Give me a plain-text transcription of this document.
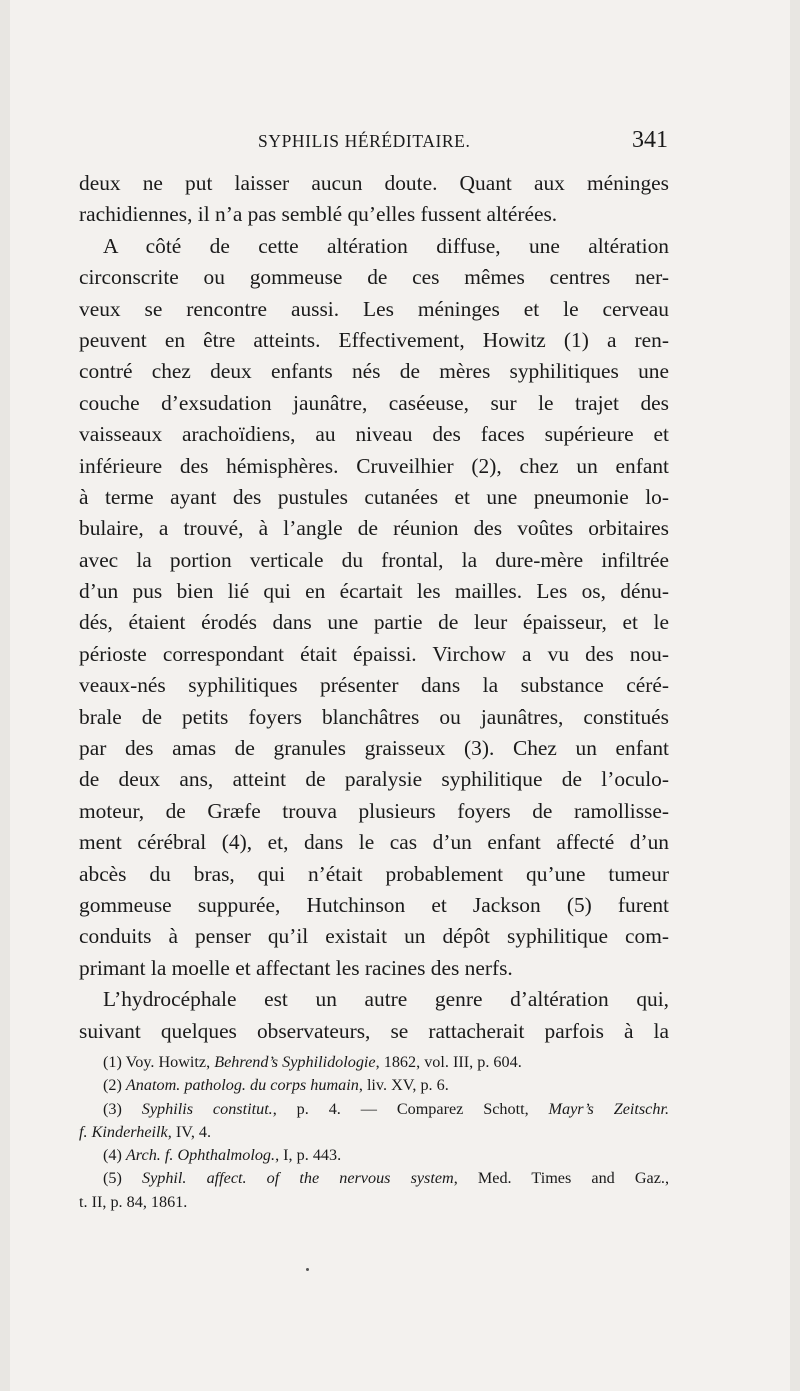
SYPHILIS HÉRÉDITAIRE.	341
deux ne put laisser aucun doute. Quant aux méninges
rachidiennes, il n’a pas semblé qu’elles fussent altérées.
A côté de cette altération diffuse, une altération
circonscrite ou gommeuse de ces mêmes centres ner-
veux se rencontre aussi. Les méninges et le cerveau
peuvent en être atteints. Effectivement, Howitz (1) a ren-
contré chez deux enfants nés de mères syphilitiques une
couche d’exsudation jaunâtre, caséeuse, sur le trajet des
vaisseaux arachoïdiens, au niveau des faces supérieure et
inférieure des hémisphères. Cruveilhier (2), chez un enfant
à terme ayant des pustules cutanées et une pneumonie lo-
bulaire, a trouvé, à l’angle de réunion des voûtes orbitaires
avec la portion verticale du frontal, la dure-mère infiltrée
d’un pus bien lié qui en écartait les mailles. Les os, dénu-
dés, étaient érodés dans une partie de leur épaisseur, et le
périoste correspondant était épaissi. Virchow a vu des nou-
veaux-nés syphilitiques présenter dans la substance céré-
brale de petits foyers blanchâtres ou jaunâtres, constitués
par des amas de granules graisseux (3). Chez un enfant
de deux ans, atteint de paralysie syphilitique de l’oculo-
moteur, de Græfe trouva plusieurs foyers de ramollisse-
ment cérébral (4), et, dans le cas d’un enfant affecté d’un
abcès du bras, qui n’était probablement qu’une tumeur
gommeuse suppurée, Hutchinson et Jackson (5) furent
conduits à penser qu’il existait un dépôt syphilitique com-
primant la moelle et affectant les racines des nerfs.
L’hydrocéphale est un autre genre d’altération qui,
suivant quelques observateurs, se rattacherait parfois à la
(1) Voy. Howitz, Behrend’s Syphilidologie, 1862, vol. III, p. 604.
(2) Anatom. patholog. du corps humain, liv. XV, p. 6.
(3) Syphilis constitut., p. 4. — Comparez Schott, Mayr’s Zeitschr.
f. Kinderheilk, IV, 4.
(4) Arch. f. Ophthalmolog., I, p. 443.
(5) Syphil. affect. of the nervous system, Med. Times and Gaz.,
t. II, p. 84, 1861.
